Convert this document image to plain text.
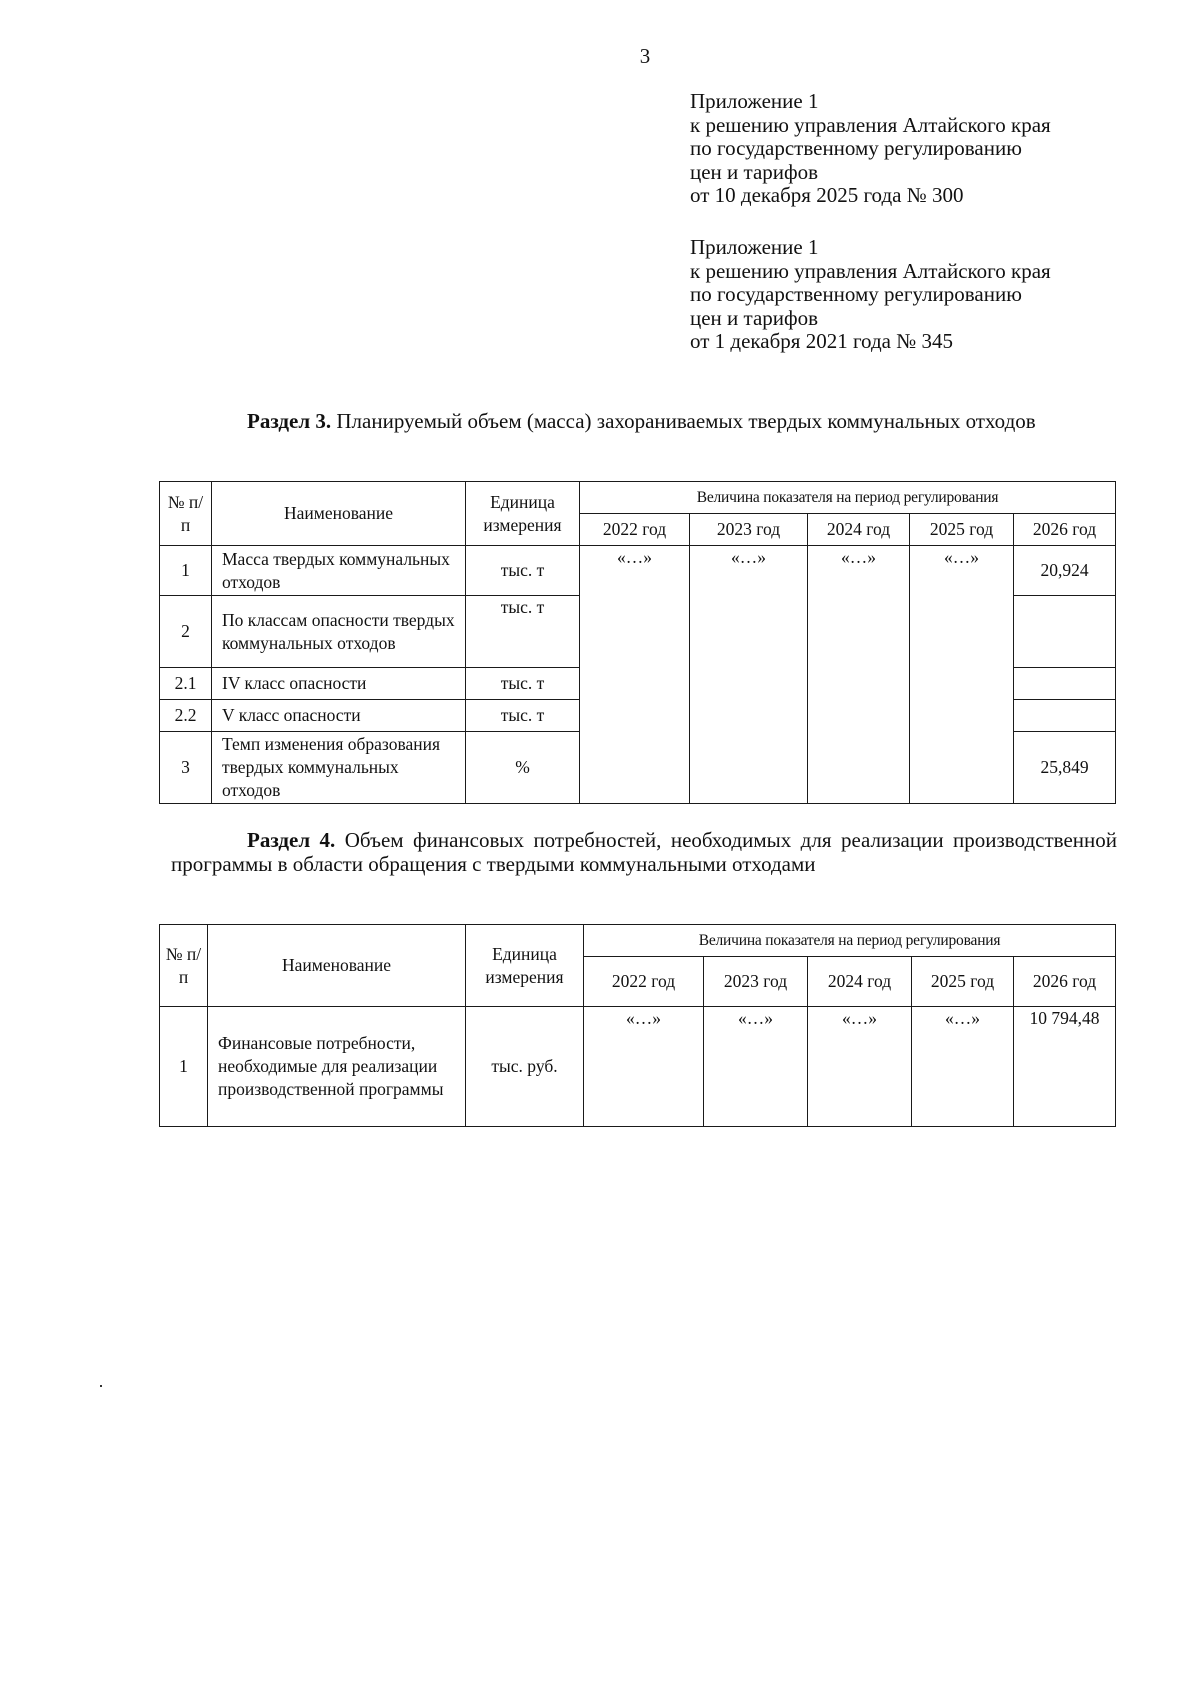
3
Приложение 1
к решению управления Алтайского края
по государственному регулированию
цен и тарифов
от 10 декабря 2025 года № 300
Приложение 1
к решению управления Алтайского края
по государственному регулированию
цен и тарифов
от 1 декабря 2021 года № 345
Раздел 3. Планируемый объем (масса) захораниваемых твердых коммунальных отходов
№ п/п	Наименование	Единица измерения	Величина показателя на период регулирования				
			2022 год	2023 год	2024 год	2025 год	2026 год
1	Масса твердых коммунальных отходов	тыс. т	«…»	«…»	«…»	«…»	20,924
2	По классам опасности твердых коммунальных отходов	тыс. т					
2.1	IV класс опасности	тыс. т					
2.2	V класс опасности	тыс. т					
3	Темп изменения образования твердых коммунальных отходов	%					25,849
Раздел 4. Объем финансовых потребностей, необходимых для реализации производственной программы в области обращения с твердыми коммунальными отходами
№ п/ п	Наименование	Единица измерения	Величина показателя на период регулирования				
			2022 год	2023 год	2024 год	2025 год	2026 год
1	Финансовые потребности, необходимые для реализации производственной программы	тыс. руб.	«…»	«…»	«…»	«…»	10 794,48
